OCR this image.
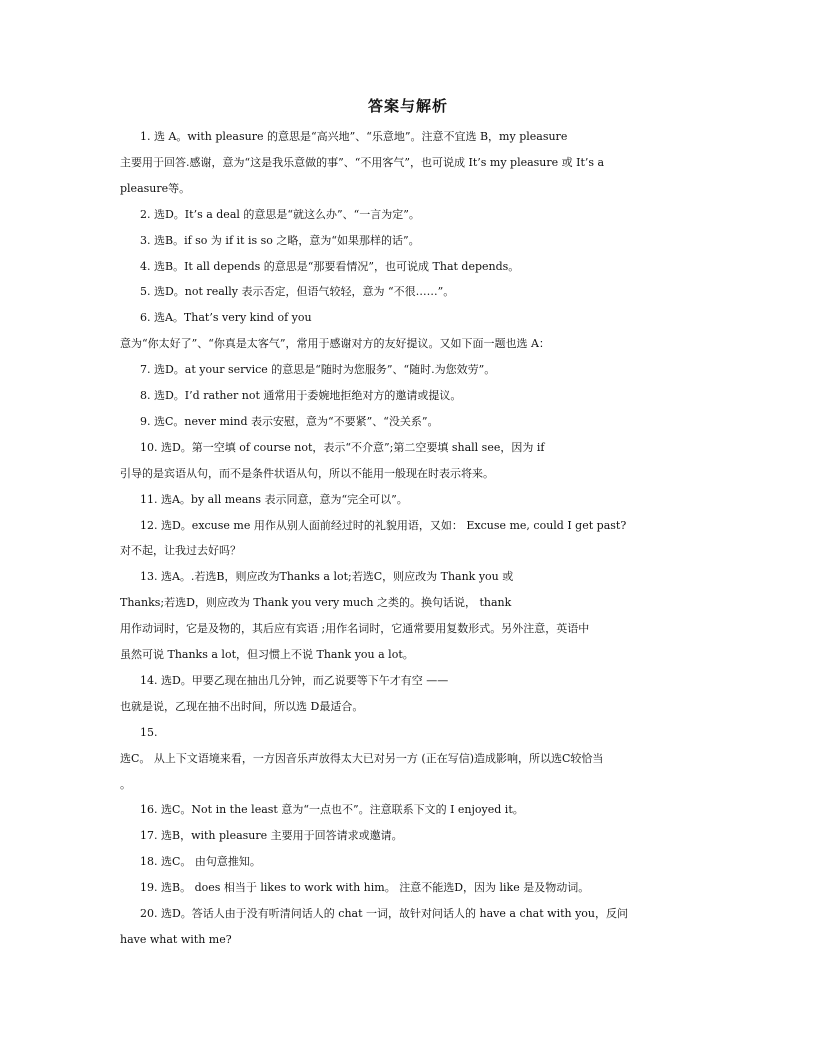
答案与解析
1. 选 A。with pleasure 的意思是“高兴地”、“乐意地”。注意不宜选 B，my pleasure
主要用于回答.感谢，意为“这是我乐意做的事”、“不用客气”，也可说成 It’s my pleasure 或 It’s a
pleasure等。
2. 选D。It’s a deal 的意思是“就这么办”、“一言为定”。
3. 选B。if so 为 if it is so 之略，意为“如果那样的话”。
4. 选B。It all depends 的意思是“那要看情况”，也可说成 That depends。
5. 选D。not really 表示否定，但语气较轻，意为 “不很……”。
6. 选A。That’s very kind of you
意为“你太好了”、“你真是太客气”，常用于感谢对方的友好提议。又如下面一题也选 A：
7. 选D。at your service 的意思是“随时为您服务”、“随时.为您效劳”。
8. 选D。I’d rather not 通常用于委婉地拒绝对方的邀请或提议。
9. 选C。never mind 表示安慰，意为“不要紧”、“没关系”。
10. 选D。第一空填 of course not，表示“不介意”;第二空要填 shall see，因为 if
引导的是宾语从句，而不是条件状语从句，所以不能用一般现在时表示将来。
11. 选A。by all means 表示同意，意为“完全可以”。
12. 选D。excuse me 用作从别人面前经过时的礼貌用语，又如： Excuse me, could I get past?
对不起，让我过去好吗？
13. 选A。.若选B，则应改为Thanks a lot;若选C，则应改为 Thank you 或
Thanks;若选D，则应改为 Thank you very much 之类的。换句话说， thank
用作动词时，它是及物的，其后应有宾语 ;用作名词时，它通常要用复数形式。另外注意，英语中
虽然可说 Thanks a lot，但习惯上不说 Thank you a lot。
14. 选D。甲要乙现在抽出几分钟，而乙说要等下午才有空 ——
也就是说，乙现在抽不出时间，所以选 D最适合。
15.
选C。 从上下文语境来看，一方因音乐声放得太大已对另一方 (正在写信)造成影响，所以选C较恰当
。
16. 选C。Not in the least 意为“一点也不”。注意联系下文的 I enjoyed it。
17. 选B，with pleasure 主要用于回答请求或邀请。
18. 选C。 由句意推知。
19. 选B。 does 相当于 likes to work with him。 注意不能选D，因为 like 是及物动词。
20. 选D。答话人由于没有听清问话人的 chat 一词，故针对问话人的 have a chat with you，反问
have what with me?
